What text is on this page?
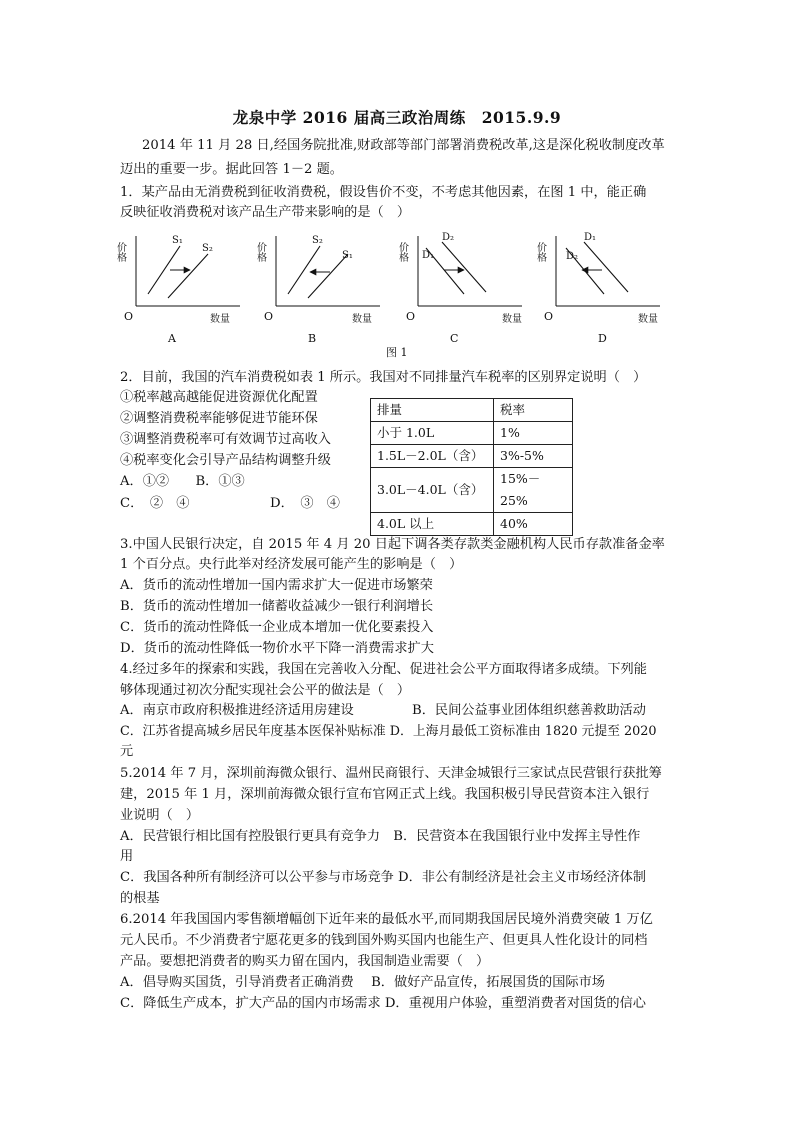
龙泉中学 2016 届高三政治周练 2015.9.9
2014 年 11 月 28 日,经国务院批准,财政部等部门部署消费税改革,这是深化税收制度改革
迈出的重要一步。据此回答 1－2 题。
1．某产品由无消费税到征收消费税，假设售价不变，不考虑其他因素，在图 1 中，能正确
反映征收消费税对该产品生产带来影响的是（　）
价格
O	数量
S₁
S₂
A
价格
O	数量
S₂
S₁
B
价格
O	数量
D₁
D₂
C
价格
O	数量
D₂
D₁
D
图 1
2．目前，我国的汽车消费税如表 1 所示。我国对不同排量汽车税率的区别界定说明（　）
①税率越高越能促进资源优化配置
②调整消费税率能够促进节能环保
③调整消费税率可有效调节过高收入
④税率变化会引导产品结构调整升级
A．①②　　B．①③
C．　②　④	D．　③　④
排量	税率
小于 1.0L	1%
1.5L－2.0L（含）	3%-5%
3.0L－4.0L（含）	15%－25%
4.0L 以上	40%
3.中国人民银行决定，自 2015 年 4 月 20 日起下调各类存款类金融机构人民币存款准备金率
1 个百分点。央行此举对经济发展可能产生的影响是（　）
A．货币的流动性增加一国内需求扩大一促进市场繁荣
B．货币的流动性增加一储蓄收益减少一银行利润增长
C．货币的流动性降低一企业成本增加一优化要素投入
D．货币的流动性降低一物价水平下降一消费需求扩大
4.经过多年的探索和实践，我国在完善收入分配、促进社会公平方面取得诸多成绩。下列能
够体现通过初次分配实现社会公平的做法是（　）
A．南京市政府积极推进经济适用房建设	B．民间公益事业团体组织慈善救助活动
C．江苏省提高城乡居民年度基本医保补贴标准 D．上海月最低工资标准由 1820 元提至 2020
元
5.2014 年 7 月，深圳前海微众银行、温州民商银行、天津金城银行三家试点民营银行获批筹
建，2015 年 1 月，深圳前海微众银行宣布官网正式上线。我国积极引导民营资本注入银行
业说明（　）
A．民营银行相比国有控股银行更具有竞争力　B．民营资本在我国银行业中发挥主导性作
用
C．我国各种所有制经济可以公平参与市场竞争 D．非公有制经济是社会主义市场经济体制
的根基
6.2014 年我国国内零售额增幅创下近年来的最低水平,而同期我国居民境外消费突破 1 万亿
元人民币。不少消费者宁愿花更多的钱到国外购买国内也能生产、但更具人性化设计的同档
产品。要想把消费者的购买力留在国内，我国制造业需要（　）
A．倡导购买国货，引导消费者正确消费　 B．做好产品宣传，拓展国货的国际市场
C．降低生产成本，扩大产品的国内市场需求 D．重视用户体验，重塑消费者对国货的信心
